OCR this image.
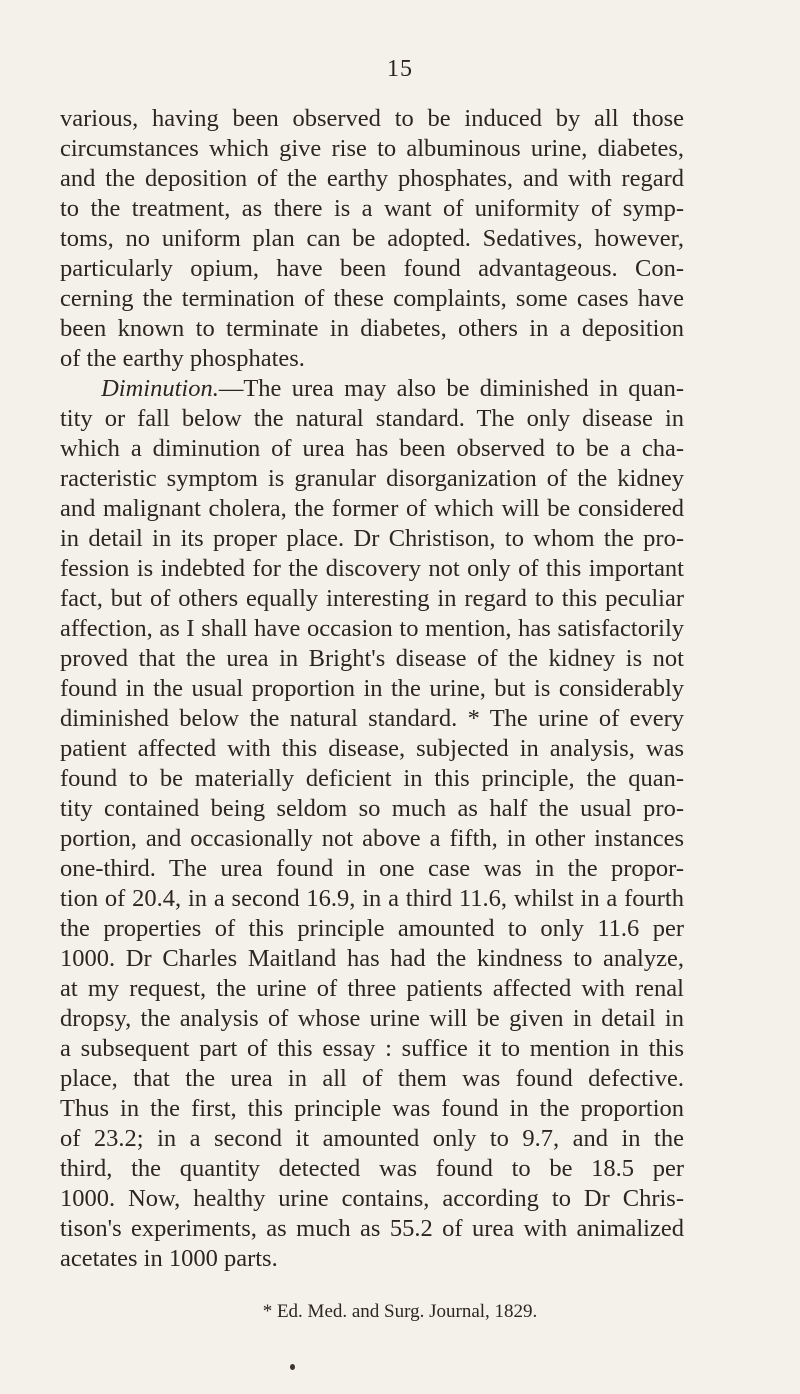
15
various, having been observed to be induced by all those
circumstances which give rise to albuminous urine, diabetes,
and the deposition of the earthy phosphates, and with regard
to the treatment, as there is a want of uniformity of symp-
toms, no uniform plan can be adopted. Sedatives, however,
particularly opium, have been found advantageous. Con-
cerning the termination of these complaints, some cases have
been known to terminate in diabetes, others in a deposition
of the earthy phosphates.
Diminution.—The urea may also be diminished in quan-
tity or fall below the natural standard. The only disease in
which a diminution of urea has been observed to be a cha-
racteristic symptom is granular disorganization of the kidney
and malignant cholera, the former of which will be considered
in detail in its proper place. Dr Christison, to whom the pro-
fession is indebted for the discovery not only of this important
fact, but of others equally interesting in regard to this peculiar
affection, as I shall have occasion to mention, has satisfactorily
proved that the urea in Bright's disease of the kidney is not
found in the usual proportion in the urine, but is considerably
diminished below the natural standard. * The urine of every
patient affected with this disease, subjected in analysis, was
found to be materially deficient in this principle, the quan-
tity contained being seldom so much as half the usual pro-
portion, and occasionally not above a fifth, in other instances
one-third. The urea found in one case was in the propor-
tion of 20.4, in a second 16.9, in a third 11.6, whilst in a fourth
the properties of this principle amounted to only 11.6 per
1000. Dr Charles Maitland has had the kindness to analyze,
at my request, the urine of three patients affected with renal
dropsy, the analysis of whose urine will be given in detail in
a subsequent part of this essay : suffice it to mention in this
place, that the urea in all of them was found defective.
Thus in the first, this principle was found in the proportion
of 23.2; in a second it amounted only to 9.7, and in the
third, the quantity detected was found to be 18.5 per
1000. Now, healthy urine contains, according to Dr Chris-
tison's experiments, as much as 55.2 of urea with animalized
acetates in 1000 parts.
* Ed. Med. and Surg. Journal, 1829.
